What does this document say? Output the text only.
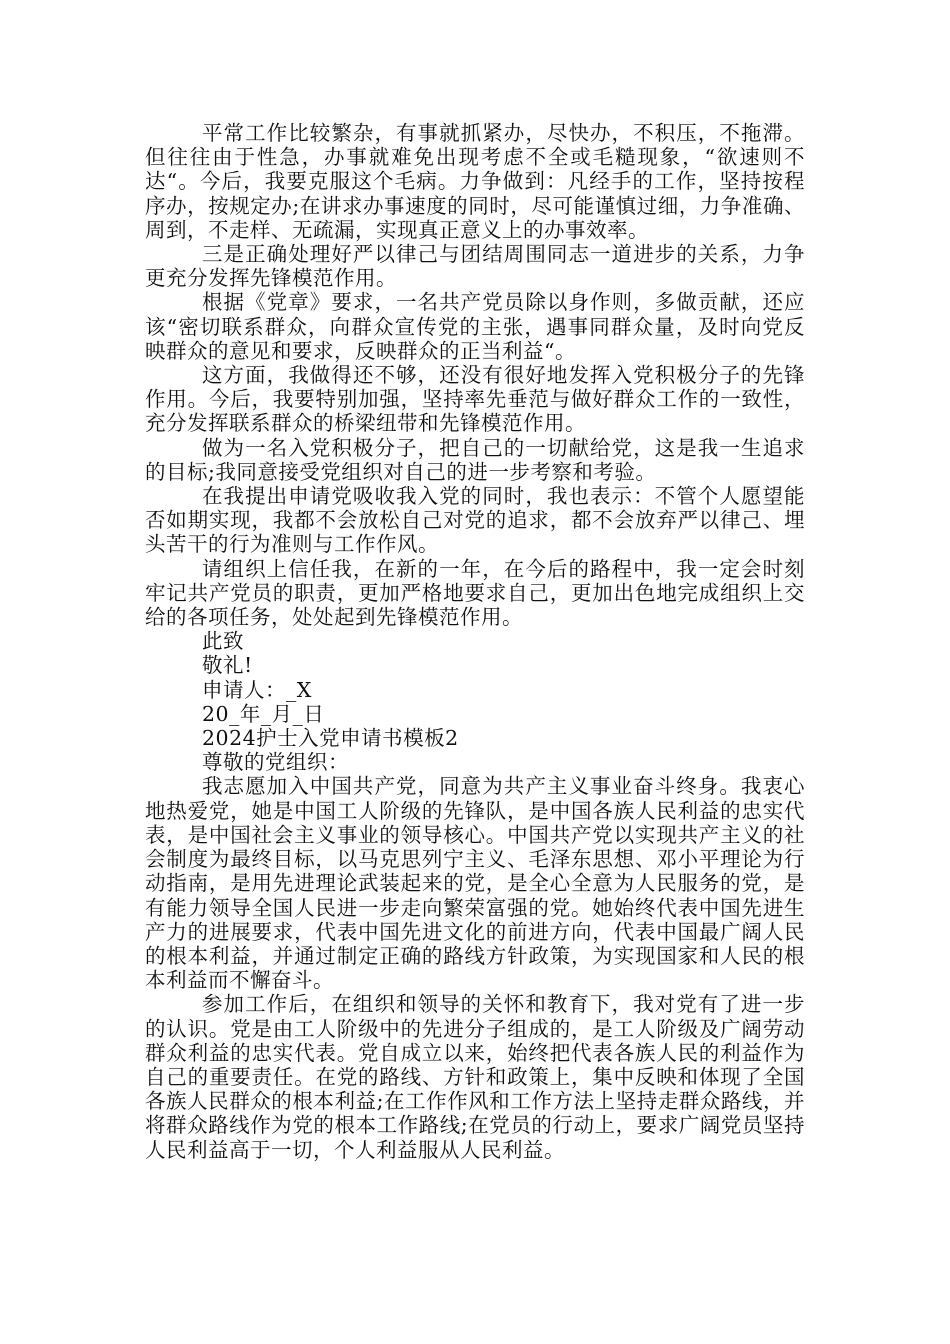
平常工作比较繁杂，有事就抓紧办，尽快办，不积压，不拖滞。但往往由于性急，办事就难免出现考虑不全或毛糙现象，“欲速则不达“。今后，我要克服这个毛病。力争做到：凡经手的工作，坚持按程序办，按规定办;在讲求办事速度的同时，尽可能谨慎过细，力争准确、周到，不走样、无疏漏，实现真正意义上的办事效率。

三是正确处理好严以律己与团结周围同志一道进步的关系，力争更充分发挥先锋模范作用。

根据《党章》要求，一名共产党员除以身作则，多做贡献，还应该“密切联系群众，向群众宣传党的主张，遇事同群众量，及时向党反映群众的意见和要求，反映群众的正当利益“。

这方面，我做得还不够，还没有很好地发挥入党积极分子的先锋作用。今后，我要特别加强，坚持率先垂范与做好群众工作的一致性，充分发挥联系群众的桥梁纽带和先锋模范作用。

做为一名入党积极分子，把自己的一切献给党，这是我一生追求的目标;我同意接受党组织对自己的进一步考察和考验。

在我提出申请党吸收我入党的同时，我也表示：不管个人愿望能否如期实现，我都不会放松自己对党的追求，都不会放弃严以律己、埋头苦干的行为准则与工作作风。

请组织上信任我，在新的一年，在今后的路程中，我一定会时刻牢记共产党员的职责，更加严格地要求自己，更加出色地完成组织上交给的各项任务，处处起到先锋模范作用。

此致

敬礼!

申请人：_X

20_年_月_日

2024护士入党申请书模板2

尊敬的党组织：

我志愿加入中国共产党，同意为共产主义事业奋斗终身。我衷心地热爱党，她是中国工人阶级的先锋队，是中国各族人民利益的忠实代表，是中国社会主义事业的领导核心。中国共产党以实现共产主义的社会制度为最终目标，以马克思列宁主义、毛泽东思想、邓小平理论为行动指南，是用先进理论武装起来的党，是全心全意为人民服务的党，是有能力领导全国人民进一步走向繁荣富强的党。她始终代表中国先进生产力的进展要求，代表中国先进文化的前进方向，代表中国最广阔人民的根本利益，并通过制定正确的路线方针政策，为实现国家和人民的根本利益而不懈奋斗。

参加工作后，在组织和领导的关怀和教育下，我对党有了进一步的认识。党是由工人阶级中的先进分子组成的，是工人阶级及广阔劳动群众利益的忠实代表。党自成立以来，始终把代表各族人民的利益作为自己的重要责任。在党的路线、方针和政策上，集中反映和体现了全国各族人民群众的根本利益;在工作作风和工作方法上坚持走群众路线，并将群众路线作为党的根本工作路线;在党员的行动上，要求广阔党员坚持人民利益高于一切，个人利益服从人民利益。
